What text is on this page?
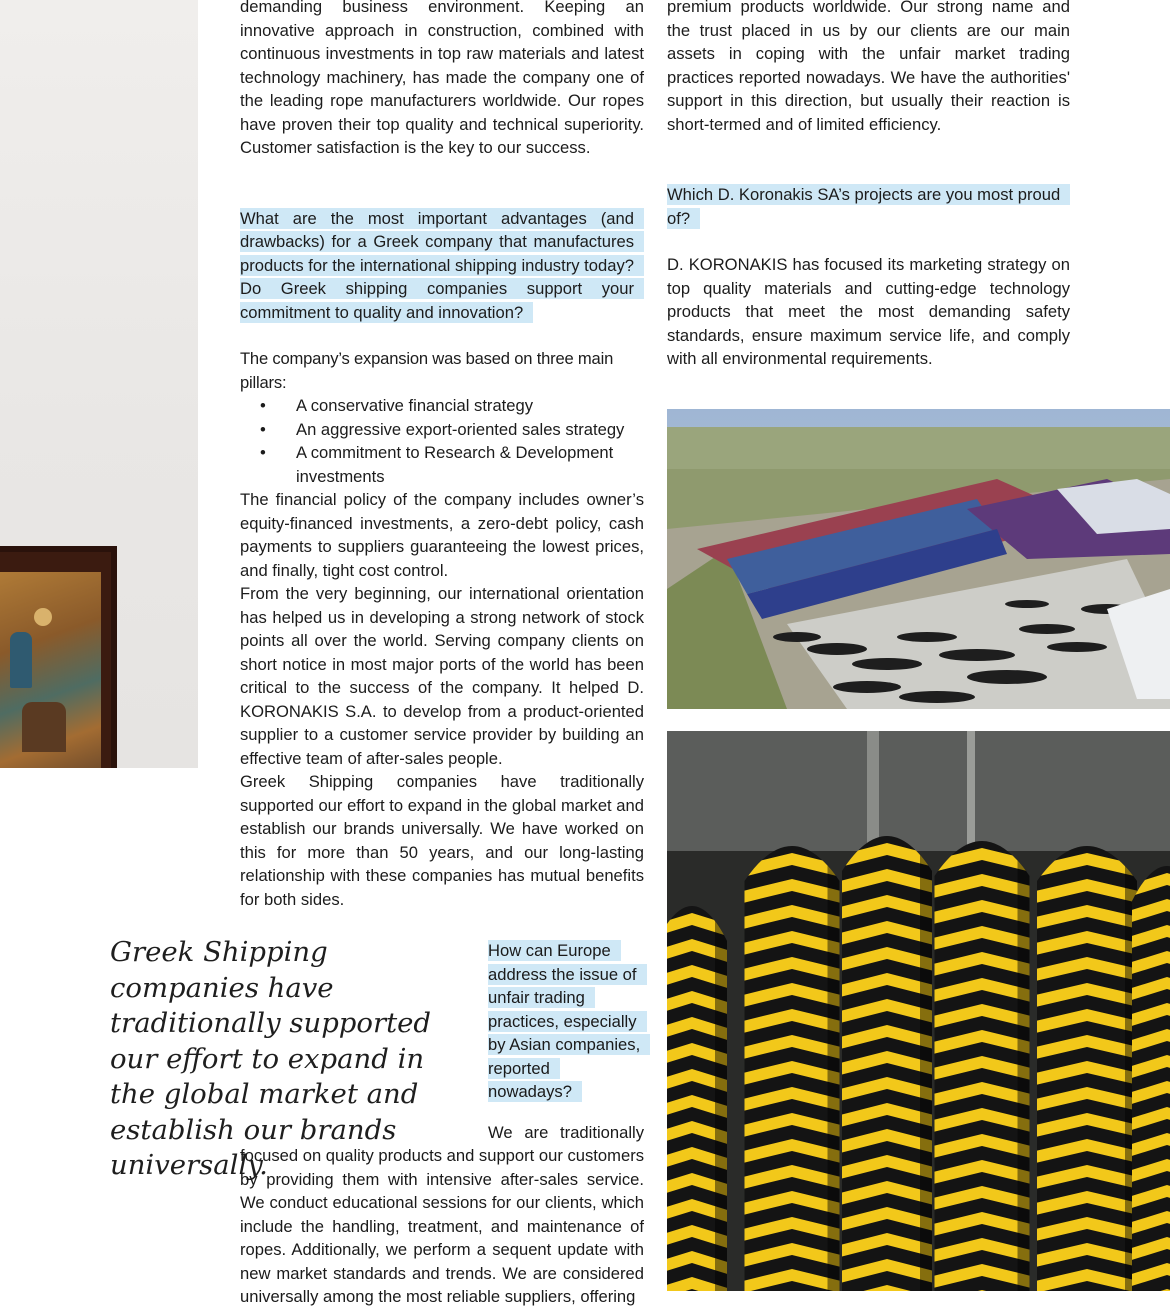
demanding business environment. Keeping an innovative approach in construction, combined with continuous investments in top raw materials and latest technology machinery, has made the company one of the leading rope manufacturers worldwide. Our ropes have proven their top quality and technical superiority. Customer satisfaction is the key to our success.

What are the most important advantages (and drawbacks) for a Greek company that manufactures products for the international shipping industry today? Do Greek shipping companies support your commitment to quality and innovation?

The company’s expansion was based on three main pillars:

• A conservative financial strategy
• An aggressive export-oriented sales strategy
• A commitment to Research & Development investments

The financial policy of the company includes owner’s equity-financed investments, a zero-debt policy, cash payments to suppliers guaranteeing the lowest prices, and finally, tight cost control.

From the very beginning, our international orientation has helped us in developing a strong network of stock points all over the world. Serving company clients on short notice in most major ports of the world has been critical to the success of the company. It helped D. KORONAKIS S.A. to develop from a product-oriented supplier to a customer service provider by building an effective team of after-sales people.

Greek Shipping companies have traditionally supported our effort to expand in the global market and establish our brands universally. We have worked on this for more than 50 years, and our long-lasting relationship with these companies has mutual benefits for both sides.

Greek Shipping companies have traditionally supported our effort to expand in the global market and establish our brands universally.

How can Europe address the issue of unfair trading practices, especially by Asian companies, reported nowadays?

We are traditionally focused on quality products and support our customers by providing them with intensive after-sales service. We conduct educational sessions for our clients, which include the handling, treatment, and maintenance of ropes. Additionally, we perform a sequent update with new market standards and trends. We are considered universally among the most reliable suppliers, offering

premium products worldwide. Our strong name and the trust placed in us by our clients are our main assets in coping with the unfair market trading practices reported nowadays. We have the authorities' support in this direction, but usually their reaction is short-termed and of limited efficiency.

Which D. Koronakis SA’s projects are you most proud of?

D. KORONAKIS has focused its marketing strategy on top quality materials and cutting-edge technology products that meet the most demanding safety standards, ensure maximum service life, and comply with all environmental requirements.
